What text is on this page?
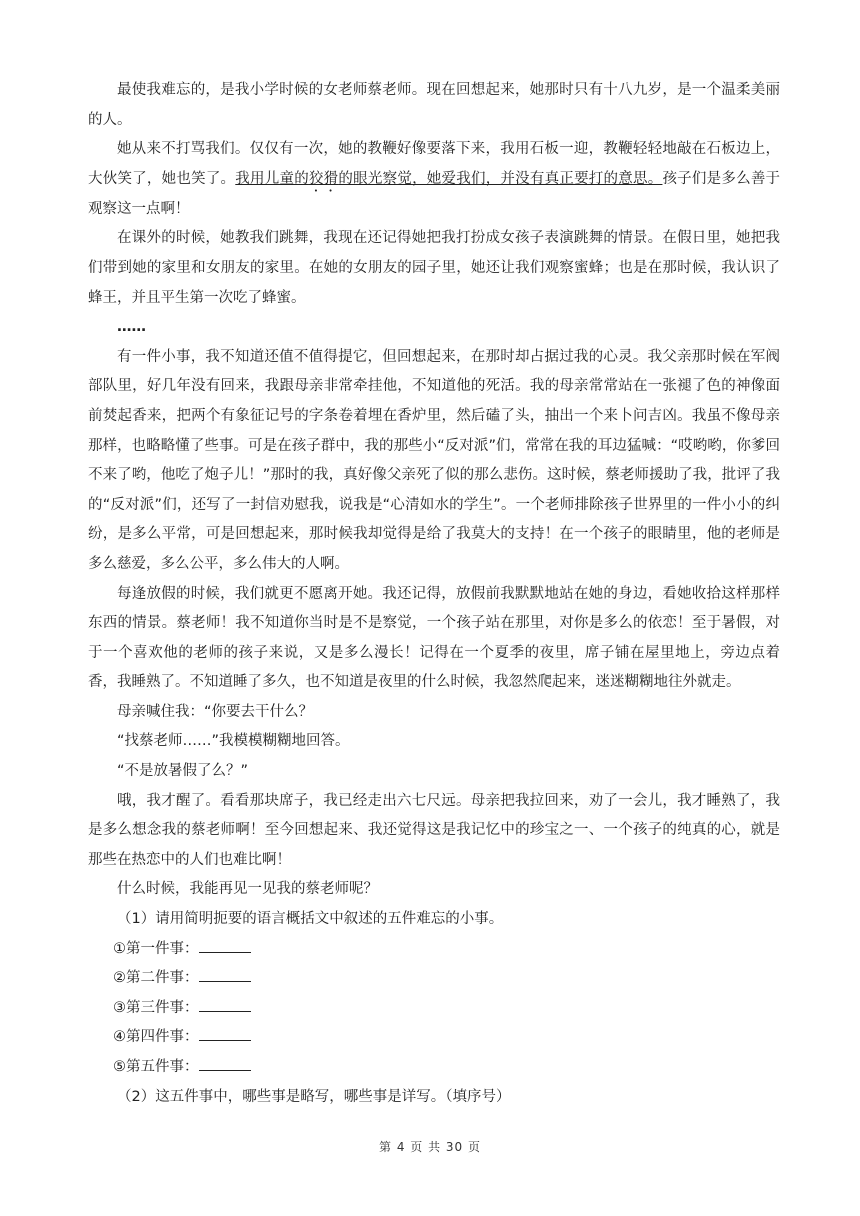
最使我难忘的，是我小学时候的女老师蔡老师。现在回想起来，她那时只有十八九岁，是一个温柔美丽的人。

她从来不打骂我们。仅仅有一次，她的教鞭好像要落下来，我用石板一迎，教鞭轻轻地敲在石板边上，大伙笑了，她也笑了。我用儿童的狡猾的眼光察觉，她爱我们，并没有真正要打的意思。孩子们是多么善于观察这一点啊！

在课外的时候，她教我们跳舞，我现在还记得她把我打扮成女孩子表演跳舞的情景。在假日里，她把我们带到她的家里和女朋友的家里。在她的女朋友的园子里，她还让我们观察蜜蜂；也是在那时候，我认识了蜂王，并且平生第一次吃了蜂蜜。

……

有一件小事，我不知道还值不值得提它，但回想起来，在那时却占据过我的心灵。我父亲那时候在军阀部队里，好几年没有回来，我跟母亲非常牵挂他，不知道他的死活。我的母亲常常站在一张褪了色的神像面前焚起香来，把两个有象征记号的字条卷着埋在香炉里，然后磕了头，抽出一个来卜问吉凶。我虽不像母亲那样，也略略懂了些事。可是在孩子群中，我的那些小“反对派”们，常常在我的耳边猛喊：“哎哟哟，你爹回不来了哟，他吃了炮子儿！”那时的我，真好像父亲死了似的那么悲伤。这时候，蔡老师援助了我，批评了我的“反对派”们，还写了一封信劝慰我，说我是“心清如水的学生”。一个老师排除孩子世界里的一件小小的纠纷，是多么平常，可是回想起来，那时候我却觉得是给了我莫大的支持！在一个孩子的眼睛里，他的老师是多么慈爱，多么公平，多么伟大的人啊。

每逢放假的时候，我们就更不愿离开她。我还记得，放假前我默默地站在她的身边，看她收拾这样那样东西的情景。蔡老师！我不知道你当时是不是察觉，一个孩子站在那里，对你是多么的依恋！至于暑假，对于一个喜欢他的老师的孩子来说，又是多么漫长！记得在一个夏季的夜里，席子铺在屋里地上，旁边点着香，我睡熟了。不知道睡了多久，也不知道是夜里的什么时候，我忽然爬起来，迷迷糊糊地往外就走。

母亲喊住我：“你要去干什么？

“找蔡老师……”我模模糊糊地回答。

“不是放暑假了么？”

哦，我才醒了。看看那块席子，我已经走出六七尺远。母亲把我拉回来，劝了一会儿，我才睡熟了，我是多么想念我的蔡老师啊！至今回想起来、我还觉得这是我记忆中的珍宝之一、一个孩子的纯真的心，就是那些在热恋中的人们也难比啊！

什么时候，我能再见一见我的蔡老师呢？

（1）请用简明扼要的语言概括文中叙述的五件难忘的小事。

①第一件事：

②第二件事：

③第三件事：

④第四件事：

⑤第五件事：

（2）这五件事中，哪些事是略写，哪些事是详写。（填序号）

第 4 页 共 30 页
